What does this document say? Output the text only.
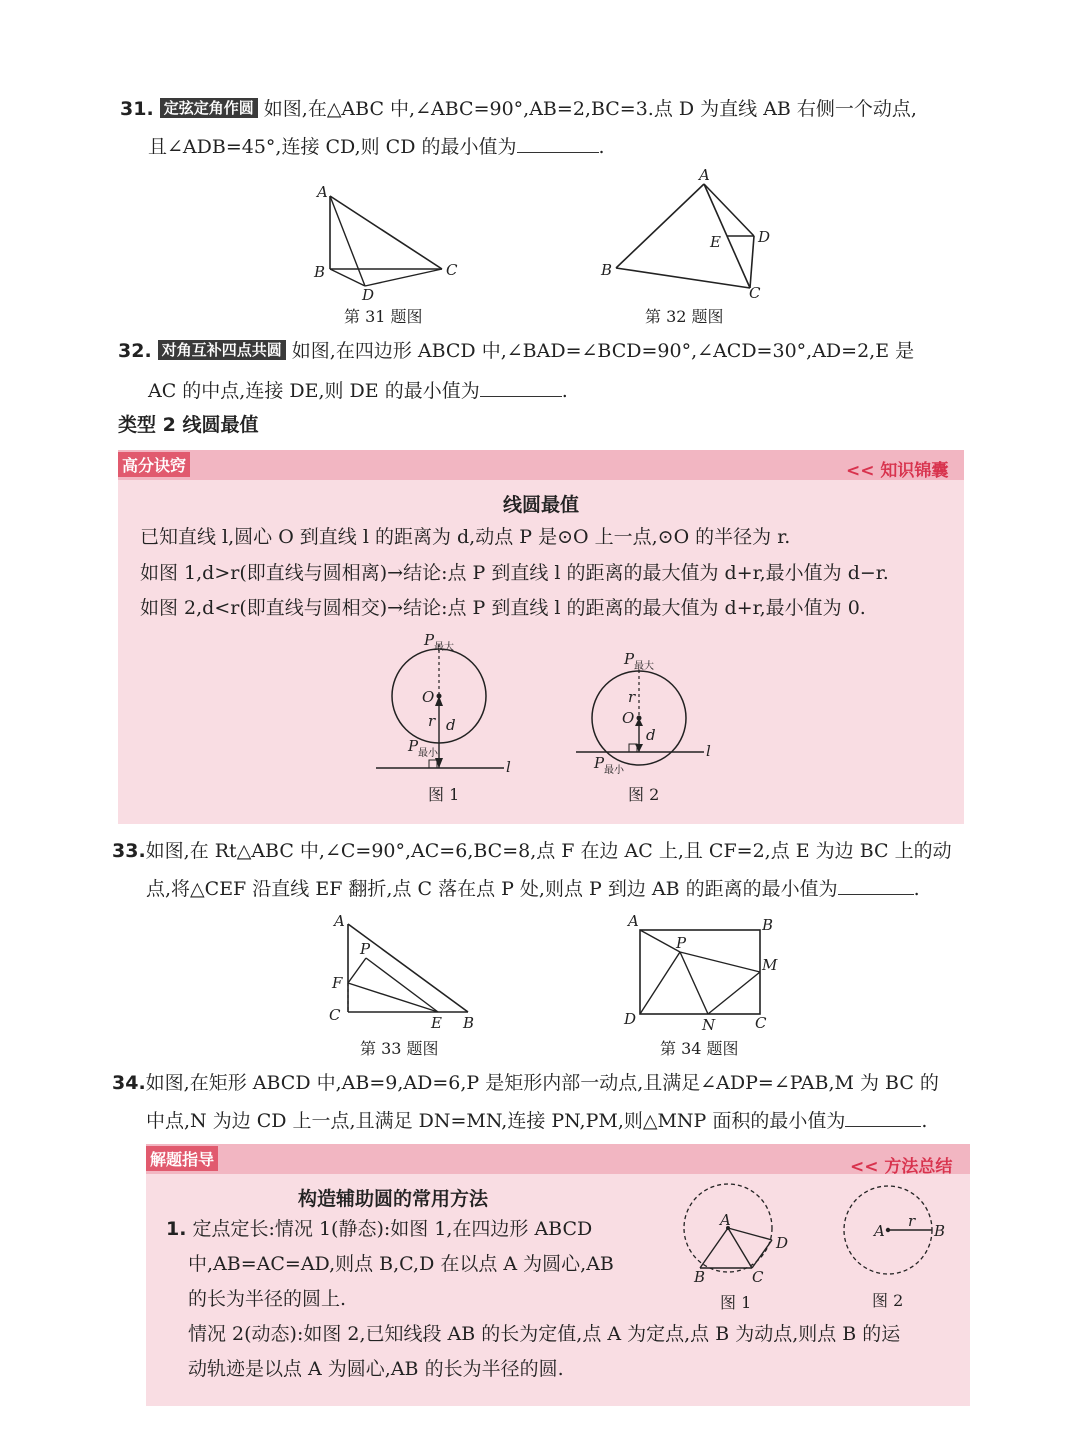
31. 定弦定角作圆 如图,在△ABC 中,∠ABC=90°,AB=2,BC=3.点 D 为直线 AB 右侧一个动点,
且∠ADB=45°,连接 CD,则 CD 的最小值为	.
A
B	C
D
第 31 题图
A
B
C
D
E
第 32 题图
32. 对角互补四点共圆 如图,在四边形 ABCD 中,∠BAD=∠BCD=90°,∠ACD=30°,AD=2,E 是
AC 的中点,连接 DE,则 DE 的最小值为	.
类型 2 线圆最值
高分诀窍	<< 知识锦囊
线圆最值
已知直线 l,圆心 O 到直线 l 的距离为 d,动点 P 是⊙O 上一点,⊙O 的半径为 r.
如图 1,d>r(即直线与圆相离)→结论:点 P 到直线 l 的距离的最大值为 d+r,最小值为 d−r.
如图 2,d<r(即直线与圆相交)→结论:点 P 到直线 l 的距离的最大值为 d+r,最小值为 0.
P 最大
O
r d
P 最小
l
图 1
P 最大
O
r
d
P 最小
l
图 2
33.如图,在 Rt△ABC 中,∠C=90°,AC=6,BC=8,点 F 在边 AC 上,且 CF=2,点 E 为边 BC 上的动
点,将△CEF 沿直线 EF 翻折,点 C 落在点 P 处,则点 P 到边 AB 的距离的最小值为	.
A
P
F
C	E B
第 33 题图
A	B
P
M
D	N	C
第 34 题图
34.如图,在矩形 ABCD 中,AB=9,AD=6,P 是矩形内部一动点,且满足∠ADP=∠PAB,M 为 BC 的
中点,N 为边 CD 上一点,且满足 DN=MN,连接 PN,PM,则△MNP 面积的最小值为	.
解题指导	<< 方法总结
构造辅助圆的常用方法
1. 定点定长:情况 1(静态):如图 1,在四边形 ABCD
中,AB=AC=AD,则点 B,C,D 在以点 A 为圆心,AB
的长为半径的圆上.
情况 2(动态):如图 2,已知线段 AB 的长为定值,点 A 为定点,点 B 为动点,则点 B 的运
动轨迹是以点 A 为圆心,AB 的长为半径的圆.
A
B	C
D
图 1
A
r
B
图 2
